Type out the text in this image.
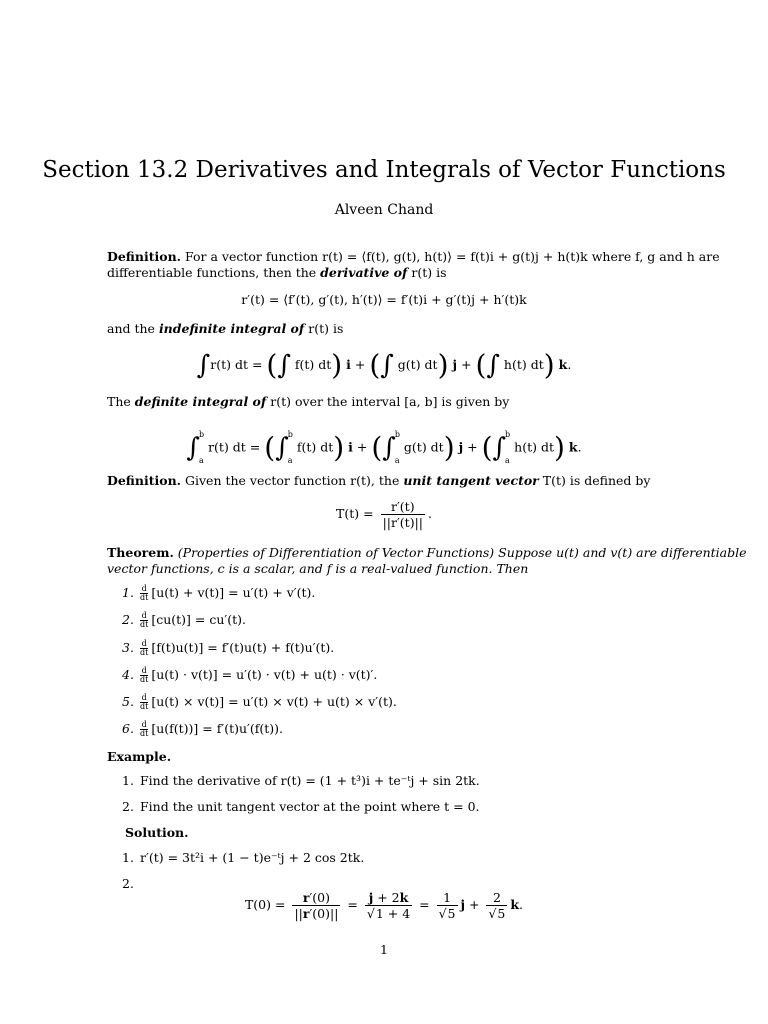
Section 13.2 Derivatives and Integrals of Vector Functions
Alveen Chand
Definition. For a vector function r(t) = ⟨f(t), g(t), h(t)⟩ = f(t)i + g(t)j + h(t)k where f, g and h are
differentiable functions, then the derivative of r(t) is
r′(t) = ⟨f′(t), g′(t), h′(t)⟩ = f′(t)i + g′(t)j + h′(t)k
and the indefinite integral of r(t) is
∫r(t) dt = (∫ f(t) dt) i + (∫ g(t) dt) j + (∫ h(t) dt) k.
The definite integral of r(t) over the interval [a, b] is given by
∫ b
a
r(t) dt = (∫ b
a
f(t) dt) i + (∫ b
a
g(t) dt) j + (∫ b
a
h(t) dt) k.
Definition. Given the vector function r(t), the unit tangent vector T(t) is defined by
$T(t) = \frac{r'(t)}{||r'(t)||}$ .
Theorem. (Properties of Differentiation of Vector Functions) Suppose u(t) and v(t) are differentiable
vector functions, c is a scalar, and f is a real-valued function. Then
1. $\frac{d}{dt} [u(t) + v(t)] = u'(t) + v'(t)$.
2. $\frac{d}{dt} [cu(t)] = cu'(t)$.
3. $\frac{d}{dt} [f(t)u(t)] = f'(t)u(t) + f(t)u'(t)$.
4. $\frac{d}{dt} [u(t) \cdot v(t)] = u'(t) \cdot v(t) + u(t) \cdot v(t)'$.
5. $\frac{d}{dt} [u(t) \times v(t)] = u'(t) \times v(t) + u(t) \times v'(t)$.
6. $\frac{d}{dt} [u(f(t))] = f'(t)u'(f(t))$.
Example.
1. Find the derivative of r(t) = (1 + t³)i + te⁻ᵗj + sin 2tk.
2. Find the unit tangent vector at the point where t = 0.
Solution.
1. r′(t) = 3t²i + (1 − t)e⁻ᵗj + 2 cos 2tk.
2.
$T(0) = \frac{r'(0)}{||r'(0)||} = \frac{j + 2k}{√1 + 4} = \frac{1}{√5}$ $j + \frac{2}{√5} k$.
1
